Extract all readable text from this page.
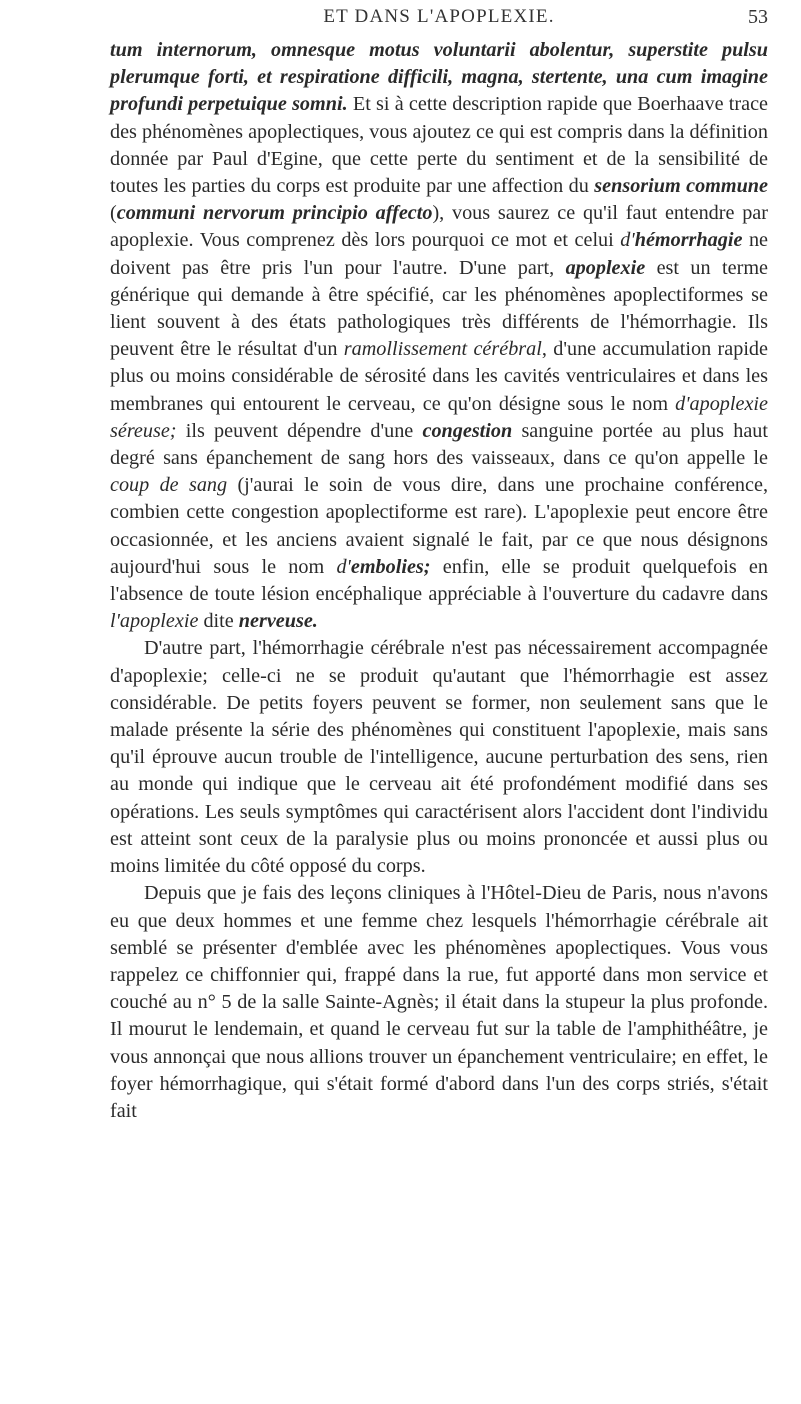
ET DANS L'APOPLEXIE.	53

tum internorum, omnesque motus voluntarii abolentur, superstite pulsu plerumque forti, et respiratione difficili, magna, stertente, una cum imagine profundi perpetuique somni. Et si à cette description rapide que Boerhaave trace des phénomènes apoplectiques, vous ajoutez ce qui est compris dans la définition donnée par Paul d'Egine, que cette perte du sentiment et de la sensibilité de toutes les parties du corps est produite par une affection du sensorium commune (communi nervorum principio affecto), vous saurez ce qu'il faut entendre par apoplexie. Vous comprenez dès lors pourquoi ce mot et celui d'hémorrhagie ne doivent pas être pris l'un pour l'autre. D'une part, apoplexie est un terme générique qui demande à être spécifié, car les phénomènes apoplectiformes se lient souvent à des états pathologiques très différents de l'hémorrhagie. Ils peuvent être le résultat d'un ramollissement cérébral, d'une accumulation rapide plus ou moins considérable de sérosité dans les cavités ventriculaires et dans les membranes qui entourent le cerveau, ce qu'on désigne sous le nom d'apoplexie séreuse; ils peuvent dépendre d'une congestion sanguine portée au plus haut degré sans épanchement de sang hors des vaisseaux, dans ce qu'on appelle le coup de sang (j'aurai le soin de vous dire, dans une prochaine conférence, combien cette congestion apoplectiforme est rare). L'apoplexie peut encore être occasionnée, et les anciens avaient signalé le fait, par ce que nous désignons aujourd'hui sous le nom d'embolies; enfin, elle se produit quelquefois en l'absence de toute lésion encéphalique appréciable à l'ouverture du cadavre dans l'apoplexie dite nerveuse.

D'autre part, l'hémorrhagie cérébrale n'est pas nécessairement accompagnée d'apoplexie; celle-ci ne se produit qu'autant que l'hémorrhagie est assez considérable. De petits foyers peuvent se former, non seulement sans que le malade présente la série des phénomènes qui constituent l'apoplexie, mais sans qu'il éprouve aucun trouble de l'intelligence, aucune perturbation des sens, rien au monde qui indique que le cerveau ait été profondément modifié dans ses opérations. Les seuls symptômes qui caractérisent alors l'accident dont l'individu est atteint sont ceux de la paralysie plus ou moins prononcée et aussi plus ou moins limitée du côté opposé du corps.

Depuis que je fais des leçons cliniques à l'Hôtel-Dieu de Paris, nous n'avons eu que deux hommes et une femme chez lesquels l'hémorrhagie cérébrale ait semblé se présenter d'emblée avec les phénomènes apoplectiques. Vous vous rappelez ce chiffonnier qui, frappé dans la rue, fut apporté dans mon service et couché au n° 5 de la salle Sainte-Agnès; il était dans la stupeur la plus profonde. Il mourut le lendemain, et quand le cerveau fut sur la table de l'amphithéâtre, je vous annonçai que nous allions trouver un épanchement ventriculaire; en effet, le foyer hémorrhagique, qui s'était formé d'abord dans l'un des corps striés, s'était fait
